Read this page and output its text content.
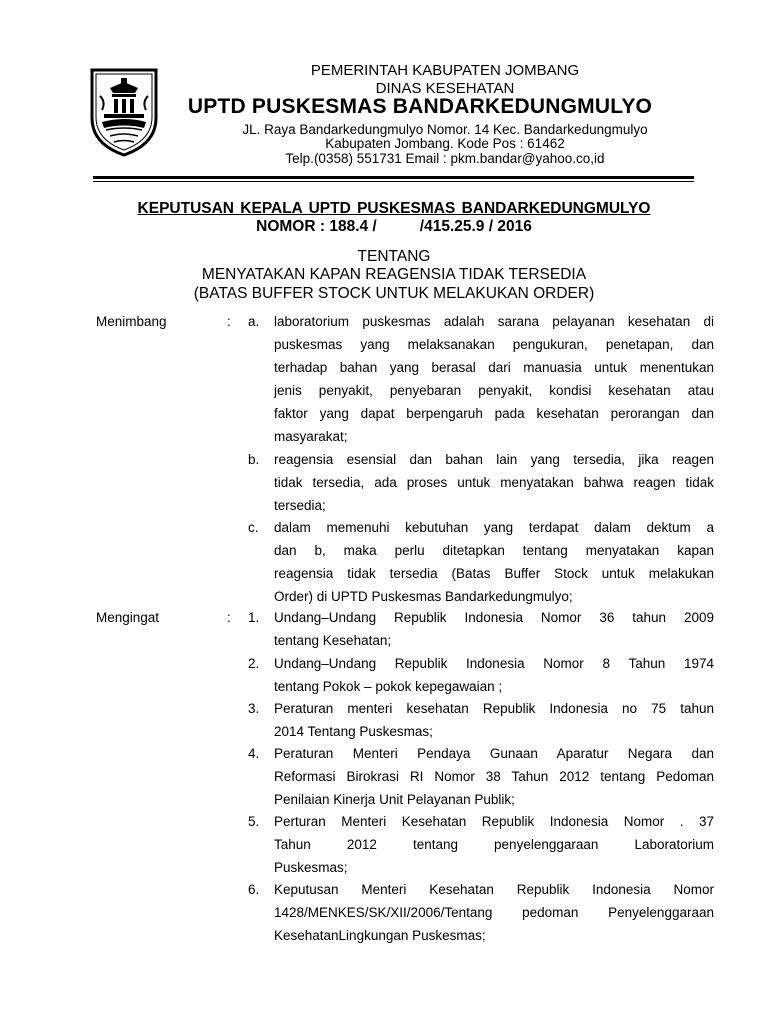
PEMERINTAH KABUPATEN JOMBANG
DINAS KESEHATAN
UPTD PUSKESMAS BANDARKEDUNGMULYO
JL. Raya Bandarkedungmulyo Nomor. 14 Kec. Bandarkedungmulyo
Kabupaten Jombang. Kode Pos : 61462
Telp.(0358) 551731 Email : pkm.bandar@yahoo.co,id
KEPUTUSAN KEPALA UPTD PUSKESMAS BANDARKEDUNGMULYO
NOMOR : 188.4 /          /415.25.9 / 2016
TENTANG
MENYATAKAN KAPAN REAGENSIA TIDAK TERSEDIA
(BATAS BUFFER STOCK UNTUK MELAKUKAN ORDER)
Menimbang	: a. laboratorium puskesmas adalah sarana pelayanan kesehatan di
puskesmas yang melaksanakan pengukuran, penetapan, dan
terhadap bahan yang berasal dari manuasia untuk menentukan
jenis penyakit, penyebaran penyakit, kondisi kesehatan atau
faktor yang dapat berpengaruh pada kesehatan perorangan dan
masyarakat;
b. reagensia esensial dan bahan lain yang tersedia, jika reagen
tidak tersedia, ada proses untuk menyatakan bahwa reagen tidak
tersedia;
c. dalam memenuhi kebutuhan yang terdapat dalam dektum a
dan b, maka perlu ditetapkan tentang menyatakan kapan
reagensia tidak tersedia (Batas Buffer Stock untuk melakukan
Order) di UPTD Puskesmas Bandarkedungmulyo;
Mengingat	: 1. Undang–Undang Republik Indonesia Nomor 36 tahun 2009
tentang Kesehatan;
2. Undang–Undang Republik Indonesia Nomor 8 Tahun 1974
tentang Pokok – pokok kepegawaian ;
3. Peraturan menteri kesehatan Republik Indonesia no 75 tahun
2014 Tentang Puskesmas;
4. Peraturan Menteri Pendaya Gunaan Aparatur Negara dan
Reformasi Birokrasi RI Nomor 38 Tahun 2012 tentang Pedoman
Penilaian Kinerja Unit Pelayanan Publik;
5. Perturan Menteri Kesehatan Republik Indonesia Nomor . 37
Tahun 2012 tentang penyelenggaraan Laboratorium
Puskesmas;
6. Keputusan Menteri Kesehatan Republik Indonesia Nomor
1428/MENKES/SK/XII/2006/Tentang pedoman Penyelenggaraan
KesehatanLingkungan Puskesmas;
